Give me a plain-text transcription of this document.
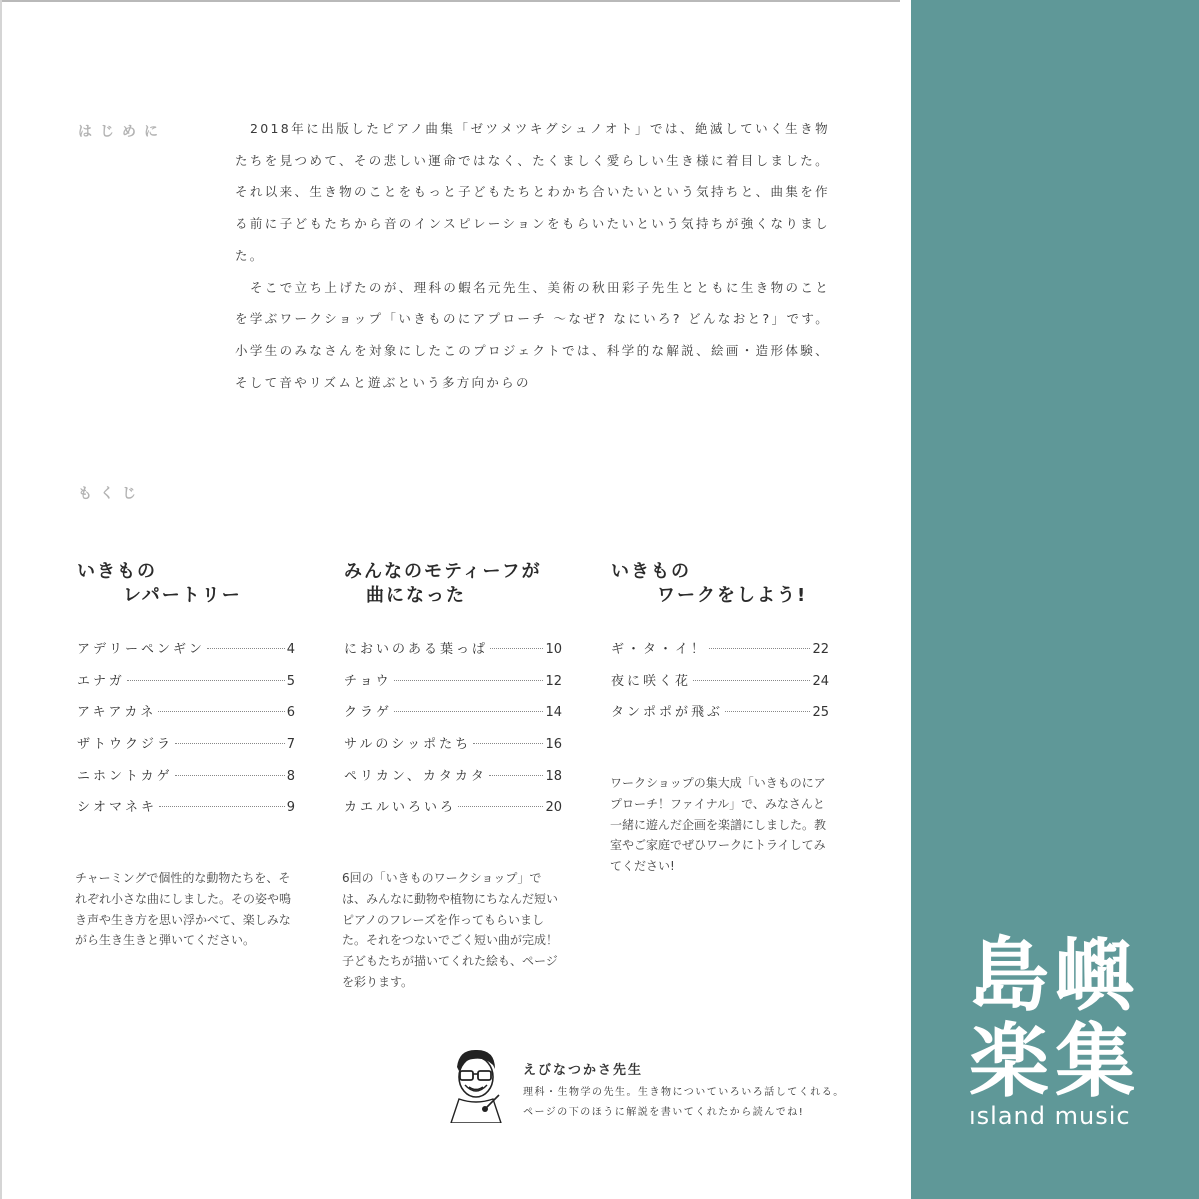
はじめに	2018年に出版したピアノ曲集「ゼツメツキグシュノオト」では、絶滅していく生き物たちを見つめて、その悲しい運命ではなく、たくましく愛らしい生き様に着目しました。それ以来、生き物のことをもっと子どもたちとわかち合いたいという気持ちと、曲集を作る前に子どもたちから音のインスピレーションをもらいたいという気持ちが強くなりました。

そこで立ち上げたのが、理科の蝦名元先生、美術の秋田彩子先生とともに生き物のことを学ぶワークショップ「いきものにアプローチ ～なぜ? なにいろ? どんなおと?」です。小学生のみなさんを対象にしたこのプロジェクトでは、科学的な解説、絵画・造形体験、そして音やリズムと遊ぶという多方向からの

もくじ
いきもの
レパートリー
アデリーペンギン	4
エナガ	5
アキアカネ	6
ザトウクジラ	7
ニホントカゲ	8
シオマネキ	9
みんなのモティーフが
曲になった
においのある葉っぱ	10
チョウ	12
クラゲ	14
サルのシッポたち	16
ペリカン、カタカタ	18
カエルいろいろ	20
いきもの
ワークをしよう!
ギ・タ・イ！	22
夜に咲く花	24
タンポポが飛ぶ	25
チャーミングで個性的な動物たちを、それぞれ小さな曲にしました。その姿や鳴き声や生き方を思い浮かべて、楽しみながら生き生きと弾いてください。
6回の「いきものワークショップ」では、みんなに動物や植物にちなんだ短いピアノのフレーズを作ってもらいました。それをつないでごく短い曲が完成！ 子どもたちが描いてくれた絵も、ページを彩ります。
ワークショップの集大成「いきものにアプローチ！ファイナル」で、みなさんと一緒に遊んだ企画を楽譜にしました。教室やご家庭でぜひワークにトライしてみてください!
えびなつかさ先生
理科・生物学の先生。生き物についていろいろ話してくれる。
ページの下のほうに解説を書いてくれたから読んでね!
島嶼
楽集
ısland music
